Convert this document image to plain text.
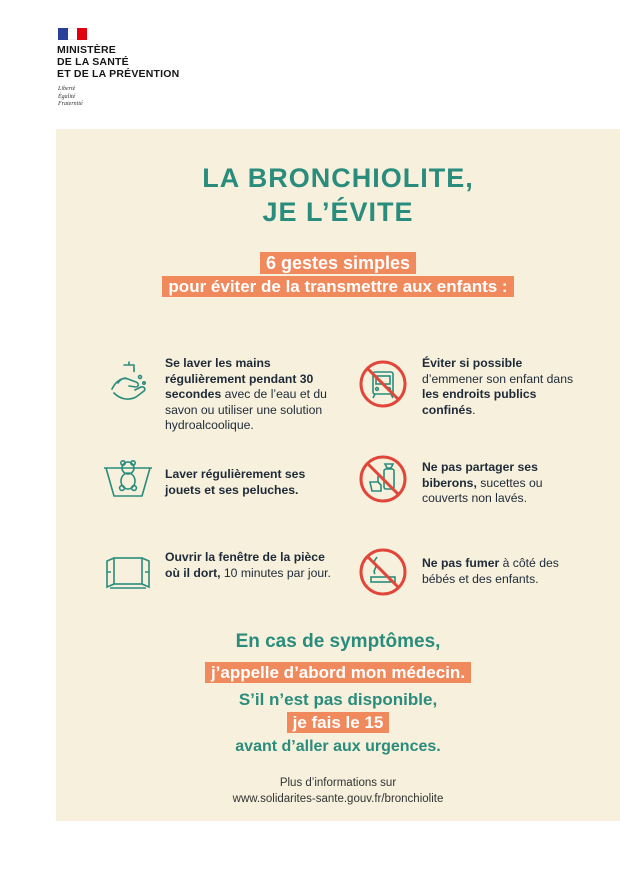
MINISTÈRE
DE LA SANTÉ
ET DE LA PRÉVENTION
Liberté
Égalité
Fraternité
LA BRONCHIOLITE,
JE L’ÉVITE
6 gestes simples
pour éviter de la transmettre aux enfants :
Se laver les mains régulièrement pendant 30 secondes avec de l’eau et du savon ou utiliser une solution hydroalcoolique.
Éviter si possible d’emmener son enfant dans les endroits publics confinés.
Laver régulièrement ses jouets et ses peluches.
Ne pas partager ses biberons, sucettes ou couverts non lavés.
Ouvrir la fenêtre de la pièce où il dort, 10 minutes par jour.
Ne pas fumer à côté des bébés et des enfants.
En cas de symptômes,
j’appelle d’abord mon médecin.
S’il n’est pas disponible,
je fais le 15
avant d’aller aux urgences.
Plus d’informations sur
www.solidarites-sante.gouv.fr/bronchiolite
